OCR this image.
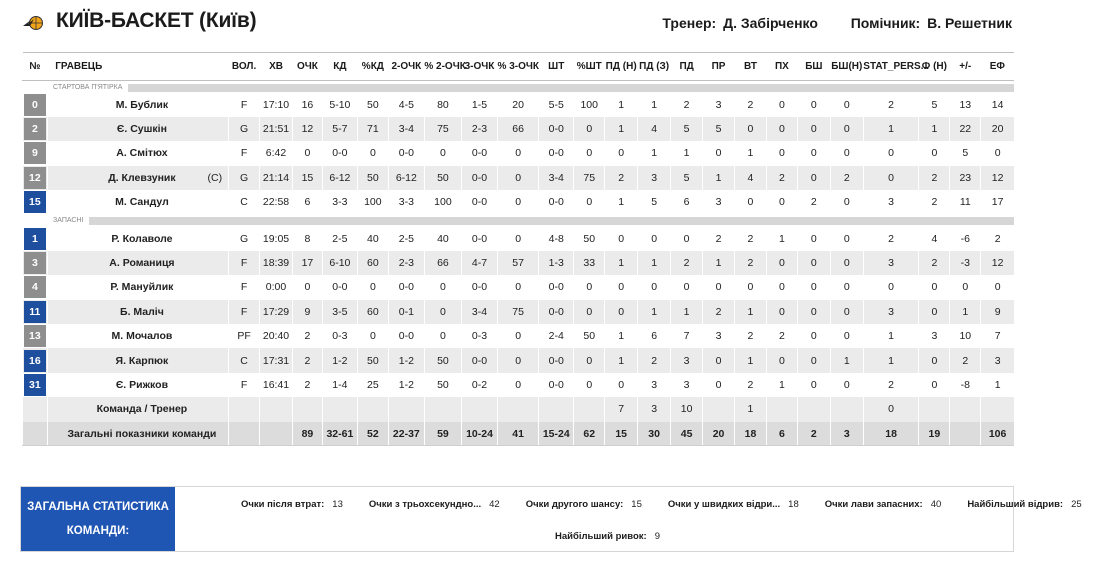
КИЇВ-БАСКЕТ (Київ)	Тренер: Д. Забірченко Помічник: В. Решетник
№	ГРАВЕЦЬ	ВОЛ.	ХВ	ОЧК	КД	%КД	2-ОЧК	% 2-ОЧК	3-ОЧК	% 3-ОЧК	ШТ	%ШТ	ПД (Н)	ПД (З)	ПД	ПР	ВТ	ПХ	БШ	БШ(Н)	STAT_PERS...	Ф (Н)	+/-	ЕФ

СТАРТОВА П'ЯТІРКА																								

0	М. Бублик	F	17:10	16	5-10	50	4-5	80	1-5	20	5-5	100	1	1	2	3	2	0	0	0	2	5	13	14

2	Є. Сушкін	G	21:51	12	5-7	71	3-4	75	2-3	66	0-0	0	1	4	5	5	0	0	0	0	1	1	22	20

9	А. Смітюх	F	6:42	0	0-0	0	0-0	0	0-0	0	0-0	0	0	1	1	0	1	0	0	0	0	0	5	0

12	Д. Клевзуник (C)	G	21:14	15	6-12	50	6-12	50	0-0	0	3-4	75	2	3	5	1	4	2	0	2	0	2	23	12

15	М. Сандул	C	22:58	6	3-3	100	3-3	100	0-0	0	0-0	0	1	5	6	3	0	0	2	0	3	2	11	17

ЗАПАСНІ																								

1	Р. Колаволе	G	19:05	8	2-5	40	2-5	40	0-0	0	4-8	50	0	0	0	2	2	1	0	0	2	4	-6	2

3	А. Романиця	F	18:39	17	6-10	60	2-3	66	4-7	57	1-3	33	1	1	2	1	2	0	0	0	3	2	-3	12

4	Р. Мануйлик	F	0:00	0	0-0	0	0-0	0	0-0	0	0-0	0	0	0	0	0	0	0	0	0	0	0	0	0

11	Б. Маліч	F	17:29	9	3-5	60	0-1	0	3-4	75	0-0	0	0	1	1	2	1	0	0	0	3	0	1	9

13	М. Мочалов	PF	20:40	2	0-3	0	0-0	0	0-3	0	2-4	50	1	6	7	3	2	2	0	0	1	3	10	7

16	Я. Карпюк	C	17:31	2	1-2	50	1-2	50	0-0	0	0-0	0	1	2	3	0	1	0	0	1	1	0	2	3

31	Є. Рижков	F	16:41	2	1-4	25	1-2	50	0-2	0	0-0	0	0	3	3	0	2	1	0	0	2	0	-8	1
	Команда / Тренер												7	3	10		1				0			
	Загальні показники команди			89	32-61	52	22-37	59	10-24	41	15-24	62	15	30	45	20	18	6	2	3	18	19		106
ЗАГАЛЬНА СТАТИСТИКА
КОМАНДИ:
Очки після втрат: 13	Очки з трьохсекундно... 42	Очки другого шансу: 15	Очки у швидких відри... 18	Очки лави запасних: 40	Найбільший відрив: 25
Найбільший ривок: 9
